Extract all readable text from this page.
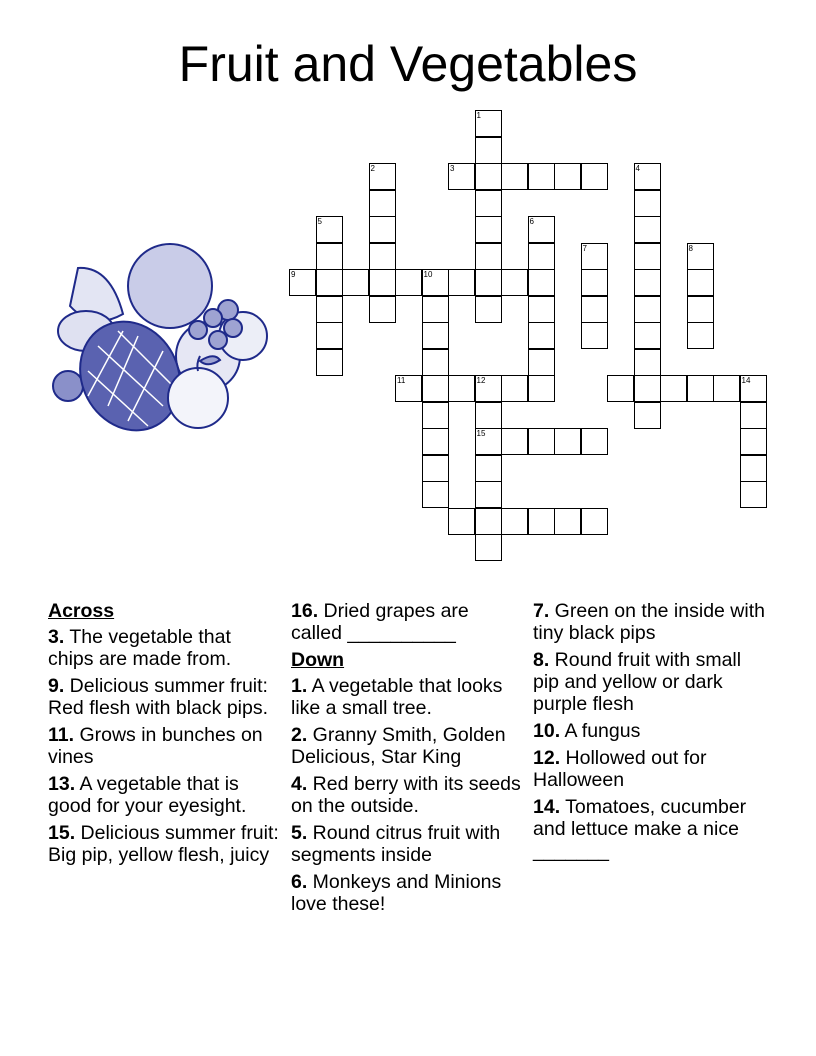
Fruit and Vegetables
1
2	3	4
5	6
7	8
9	10
11	12	14
15
Across
3. The vegetable that chips are made from.
9. Delicious summer fruit: Red flesh with black pips.
11. Grows in bunches on vines
13. A vegetable that is good for your eyesight.
15. Delicious summer fruit: Big pip, yellow flesh, juicy
16. Dried grapes are called __________
Down
1. A vegetable that looks like a small tree.
2. Granny Smith, Golden Delicious, Star King
4. Red berry with its seeds on the outside.
5. Round citrus fruit with segments inside
6. Monkeys and Minions love these!
7. Green on the inside with tiny black pips
8. Round fruit with small pip and yellow or dark purple flesh
10. A fungus
12. Hollowed out for Halloween
14. Tomatoes, cucumber and lettuce make a nice _______
